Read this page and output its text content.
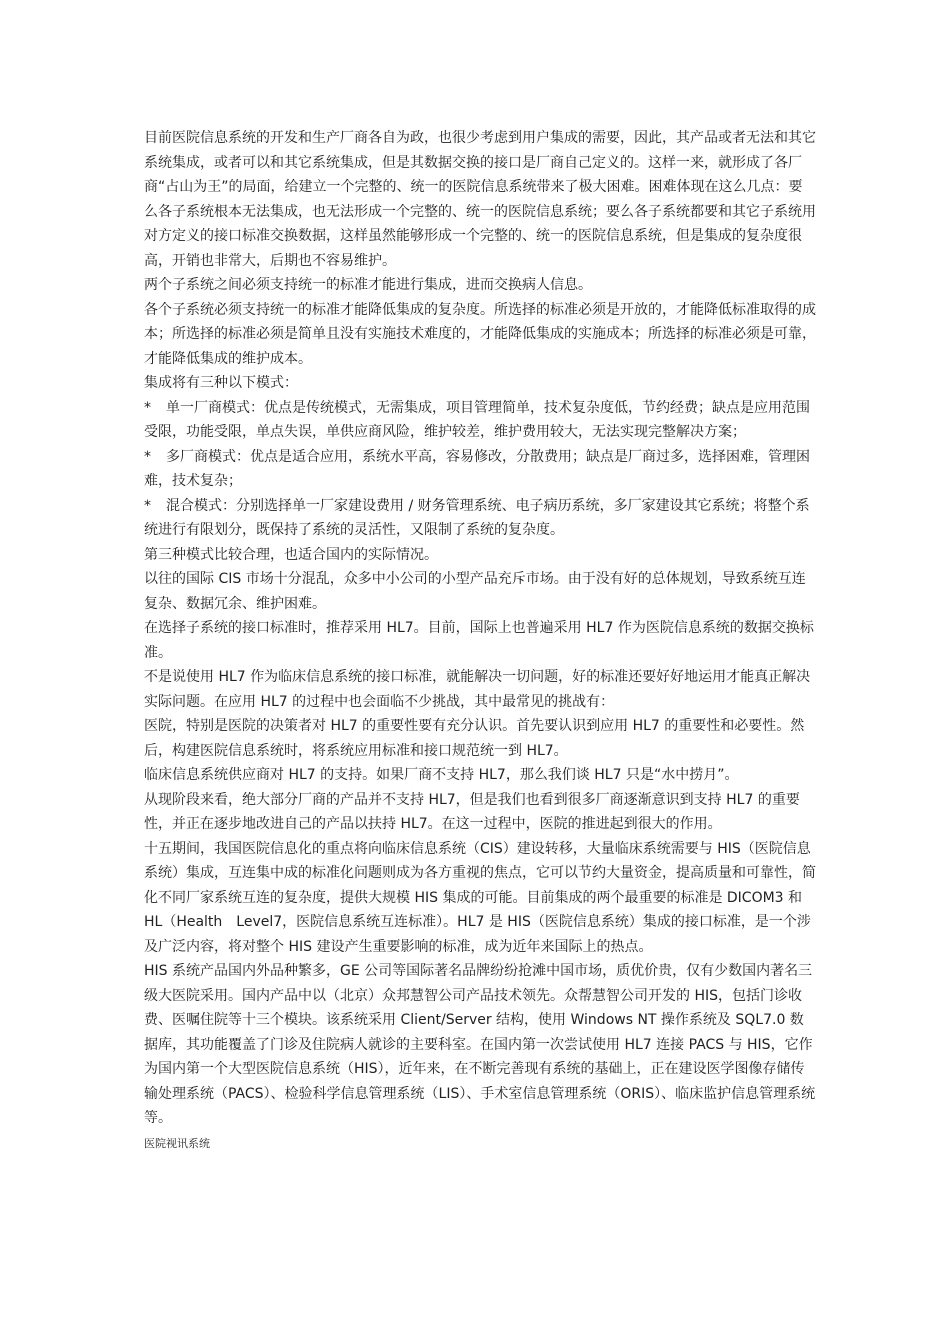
目前医院信息系统的开发和生产厂商各自为政，也很少考虑到用户集成的需要，因此，其产品或者无法和其它系统集成，或者可以和其它系统集成，但是其数据交换的接口是厂商自己定义的。这样一来，就形成了各厂商“占山为王”的局面，给建立一个完整的、统一的医院信息系统带来了极大困难。困难体现在这么几点：要么各子系统根本无法集成，也无法形成一个完整的、统一的医院信息系统；要么各子系统都要和其它子系统用对方定义的接口标准交换数据，这样虽然能够形成一个完整的、统一的医院信息系统，但是集成的复杂度很高，开销也非常大，后期也不容易维护。

两个子系统之间必须支持统一的标准才能进行集成，进而交换病人信息。

各个子系统必须支持统一的标准才能降低集成的复杂度。所选择的标准必须是开放的，才能降低标准取得的成本；所选择的标准必须是简单且没有实施技术难度的，才能降低集成的实施成本；所选择的标准必须是可靠，才能降低集成的维护成本。

集成将有三种以下模式：

* 单一厂商模式：优点是传统模式，无需集成，项目管理简单，技术复杂度低，节约经费；缺点是应用范围受限，功能受限，单点失误，单供应商风险，维护较差，维护费用较大，无法实现完整解决方案；

* 多厂商模式：优点是适合应用，系统水平高，容易修改，分散费用；缺点是厂商过多，选择困难，管理困难，技术复杂；

* 混合模式：分别选择单一厂家建设费用 / 财务管理系统、电子病历系统，多厂家建设其它系统；将整个系统进行有限划分，既保持了系统的灵活性，又限制了系统的复杂度。

第三种模式比较合理，也适合国内的实际情况。

以往的国际 CIS 市场十分混乱，众多中小公司的小型产品充斥市场。由于没有好的总体规划，导致系统互连复杂、数据冗余、维护困难。

在选择子系统的接口标准时，推荐采用 HL7。目前，国际上也普遍采用 HL7 作为医院信息系统的数据交换标准。

不是说使用 HL7 作为临床信息系统的接口标准，就能解决一切问题，好的标准还要好好地运用才能真正解决实际问题。在应用 HL7 的过程中也会面临不少挑战，其中最常见的挑战有：

医院，特别是医院的决策者对 HL7 的重要性要有充分认识。首先要认识到应用 HL7 的重要性和必要性。然后，构建医院信息系统时，将系统应用标准和接口规范统一到 HL7。

临床信息系统供应商对 HL7 的支持。如果厂商不支持 HL7，那么我们谈 HL7 只是“水中捞月”。

从现阶段来看，绝大部分厂商的产品并不支持 HL7，但是我们也看到很多厂商逐渐意识到支持 HL7 的重要性，并正在逐步地改进自己的产品以扶持 HL7。在这一过程中，医院的推进起到很大的作用。

十五期间，我国医院信息化的重点将向临床信息系统（CIS）建设转移，大量临床系统需要与 HIS（医院信息系统）集成，互连集中成的标准化问题则成为各方重视的焦点，它可以节约大量资金，提高质量和可靠性，简化不同厂家系统互连的复杂度，提供大规模 HIS 集成的可能。目前集成的两个最重要的标准是 DICOM3 和 HL（Health　Level7，医院信息系统互连标准）。HL7 是 HIS（医院信息系统）集成的接口标准，是一个涉及广泛内容，将对整个 HIS 建设产生重要影响的标准，成为近年来国际上的热点。

HIS 系统产品国内外品种繁多，GE 公司等国际著名品牌纷纷抢滩中国市场，质优价贵，仅有少数国内著名三级大医院采用。国内产品中以（北京）众邦慧智公司产品技术领先。众帮慧智公司开发的 HIS，包括门诊收费、医嘱住院等十三个模块。该系统采用 Client/Server 结构，使用 Windows NT 操作系统及 SQL7.0 数据库，其功能覆盖了门诊及住院病人就诊的主要科室。在国内第一次尝试使用 HL7 连接 PACS 与 HIS，它作为国内第一个大型医院信息系统（HIS），近年来，在不断完善现有系统的基础上，正在建设医学图像存储传输处理系统（PACS）、检验科学信息管理系统（LIS）、手术室信息管理系统（ORIS）、临床监护信息管理系统等。

医院视讯系统
